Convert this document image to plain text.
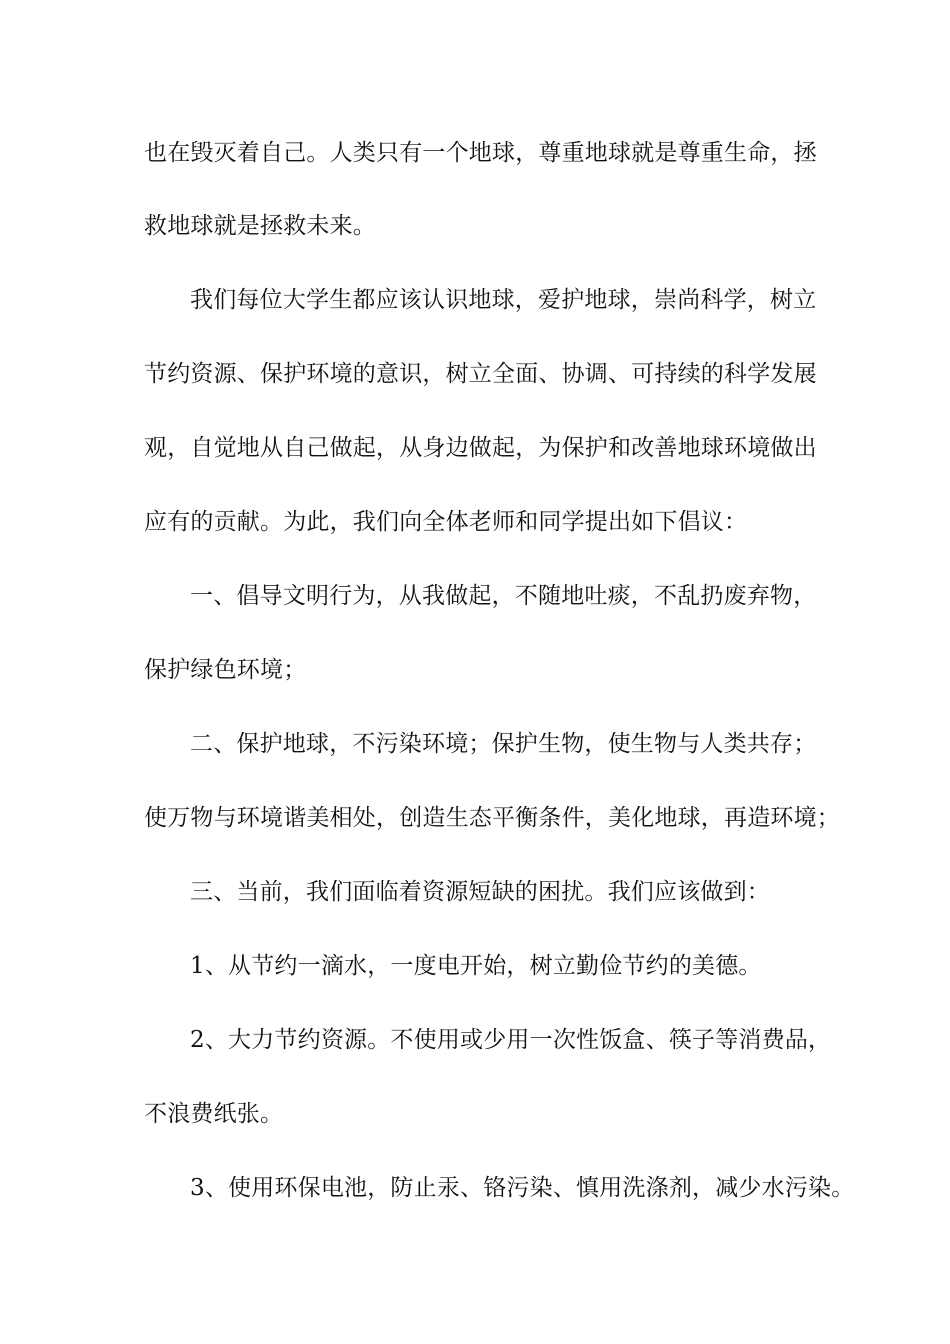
也在毁灭着自己。人类只有一个地球，尊重地球就是尊重生命，拯
救地球就是拯救未来。
我们每位大学生都应该认识地球，爱护地球，崇尚科学，树立
节约资源、保护环境的意识，树立全面、协调、可持续的科学发展
观，自觉地从自己做起，从身边做起，为保护和改善地球环境做出
应有的贡献。为此，我们向全体老师和同学提出如下倡议：
一、倡导文明行为，从我做起，不随地吐痰，不乱扔废弃物，
保护绿色环境；
二、保护地球，不污染环境；保护生物，使生物与人类共存；
使万物与环境谐美相处，创造生态平衡条件，美化地球，再造环境；
三、当前，我们面临着资源短缺的困扰。我们应该做到：
1、从节约一滴水，一度电开始，树立勤俭节约的美德。
2、大力节约资源。不使用或少用一次性饭盒、筷子等消费品，
不浪费纸张。
3、使用环保电池，防止汞、铬污染、慎用洗涤剂，减少水污染。
